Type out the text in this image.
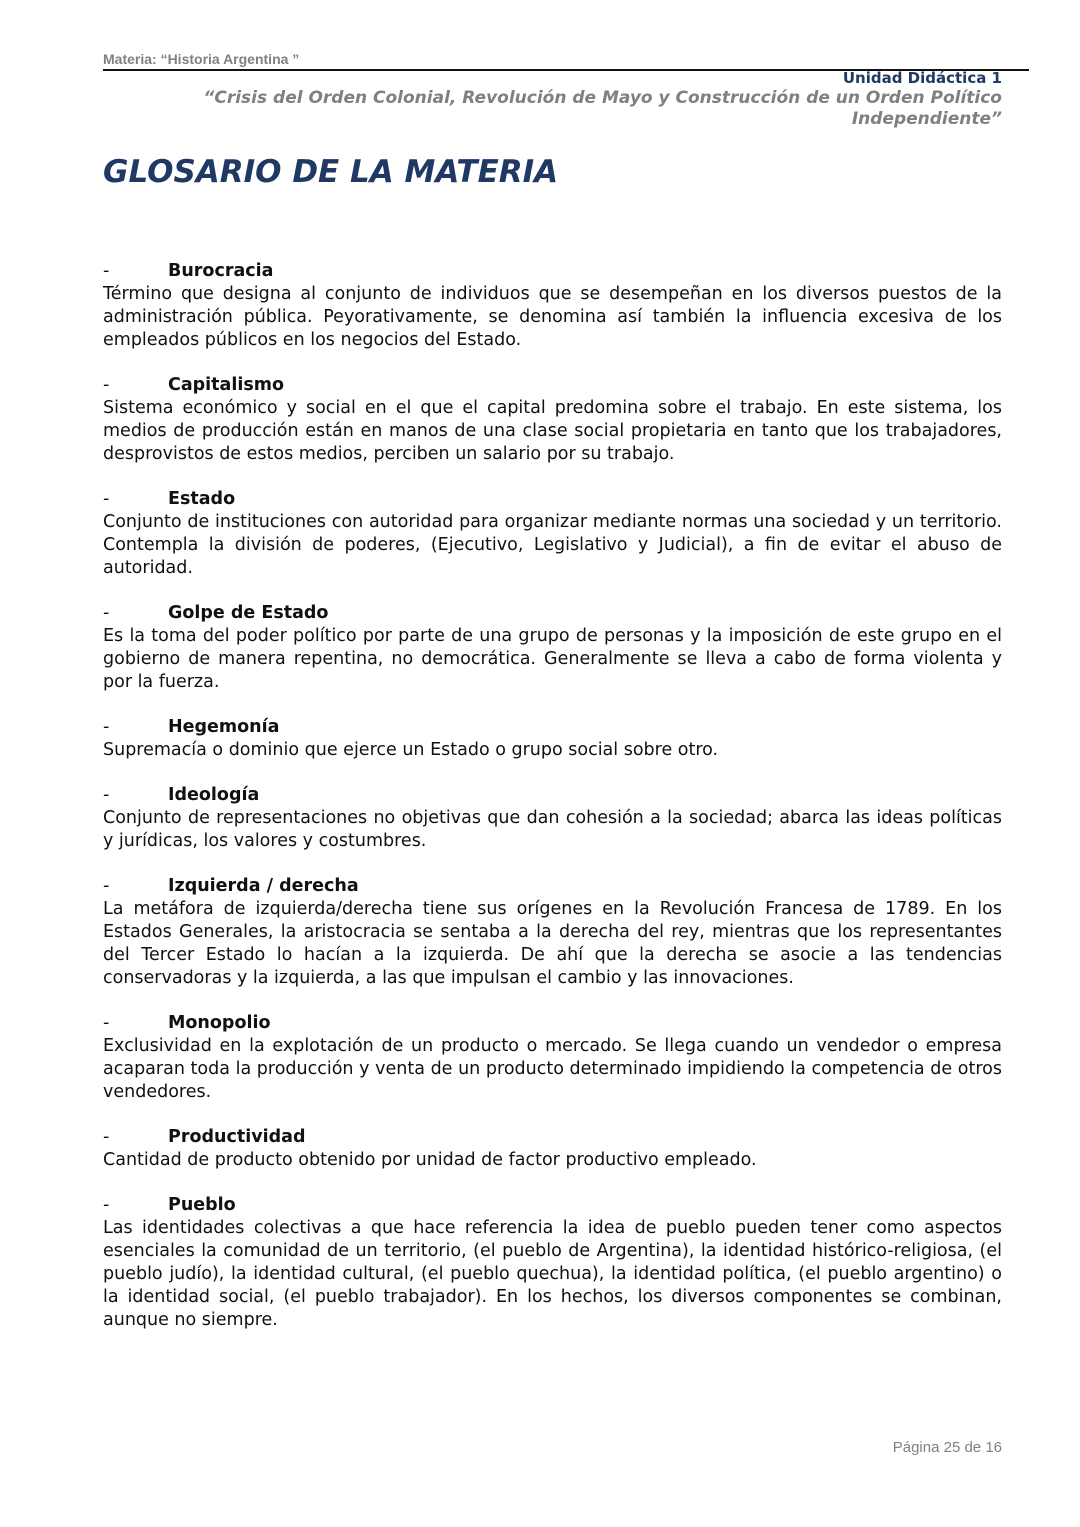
Materia: “Historia Argentina ”
Unidad Didáctica 1
“Crisis del Orden Colonial, Revolución de Mayo y Construcción de un Orden Político Independiente”
GLOSARIO DE LA MATERIA
-	Burocracia

Término que designa al conjunto de individuos que se desempeñan en los diversos puestos de la administración pública. Peyorativamente, se denomina así también la influencia excesiva de los empleados públicos en los negocios del Estado.

-	Capitalismo

Sistema económico y social en el que el capital predomina sobre el trabajo. En este sistema, los medios de producción están en manos de una clase social propietaria en tanto que los trabajadores, desprovistos de estos medios, perciben un salario por su trabajo.

-	Estado

Conjunto de instituciones con autoridad para organizar mediante normas una sociedad y un territorio. Contempla la división de poderes, (Ejecutivo, Legislativo y Judicial), a fin de evitar el abuso de autoridad.

-	Golpe de Estado

Es la toma del poder político por parte de una grupo de personas y la imposición de este grupo en el gobierno de manera repentina, no democrática. Generalmente se lleva a cabo de forma violenta y por la fuerza.

-	Hegemonía

Supremacía o dominio que ejerce un Estado o grupo social sobre otro.

-	Ideología

Conjunto de representaciones no objetivas que dan cohesión a la sociedad; abarca las ideas políticas y jurídicas, los valores y costumbres.

-	Izquierda / derecha

La metáfora de izquierda/derecha tiene sus orígenes en la Revolución Francesa de 1789. En los Estados Generales, la aristocracia se sentaba a la derecha del rey, mientras que los representantes del Tercer Estado lo hacían a la izquierda. De ahí que la derecha se asocie a las tendencias conservadoras y la izquierda, a las que impulsan el cambio y las innovaciones.

-	Monopolio

Exclusividad en la explotación de un producto o mercado. Se llega cuando un vendedor o empresa acaparan toda la producción y venta de un producto determinado impidiendo la competencia de otros vendedores.

-	Productividad

Cantidad de producto obtenido por unidad de factor productivo empleado.

-	Pueblo

Las identidades colectivas a que hace referencia la idea de pueblo pueden tener como aspectos esenciales la comunidad de un territorio, (el pueblo de Argentina), la identidad histórico-religiosa, (el pueblo judío), la identidad cultural, (el pueblo quechua), la identidad política, (el pueblo argentino) o la identidad social, (el pueblo trabajador). En los hechos, los diversos componentes se combinan, aunque no siempre.

Página 25 de 16
